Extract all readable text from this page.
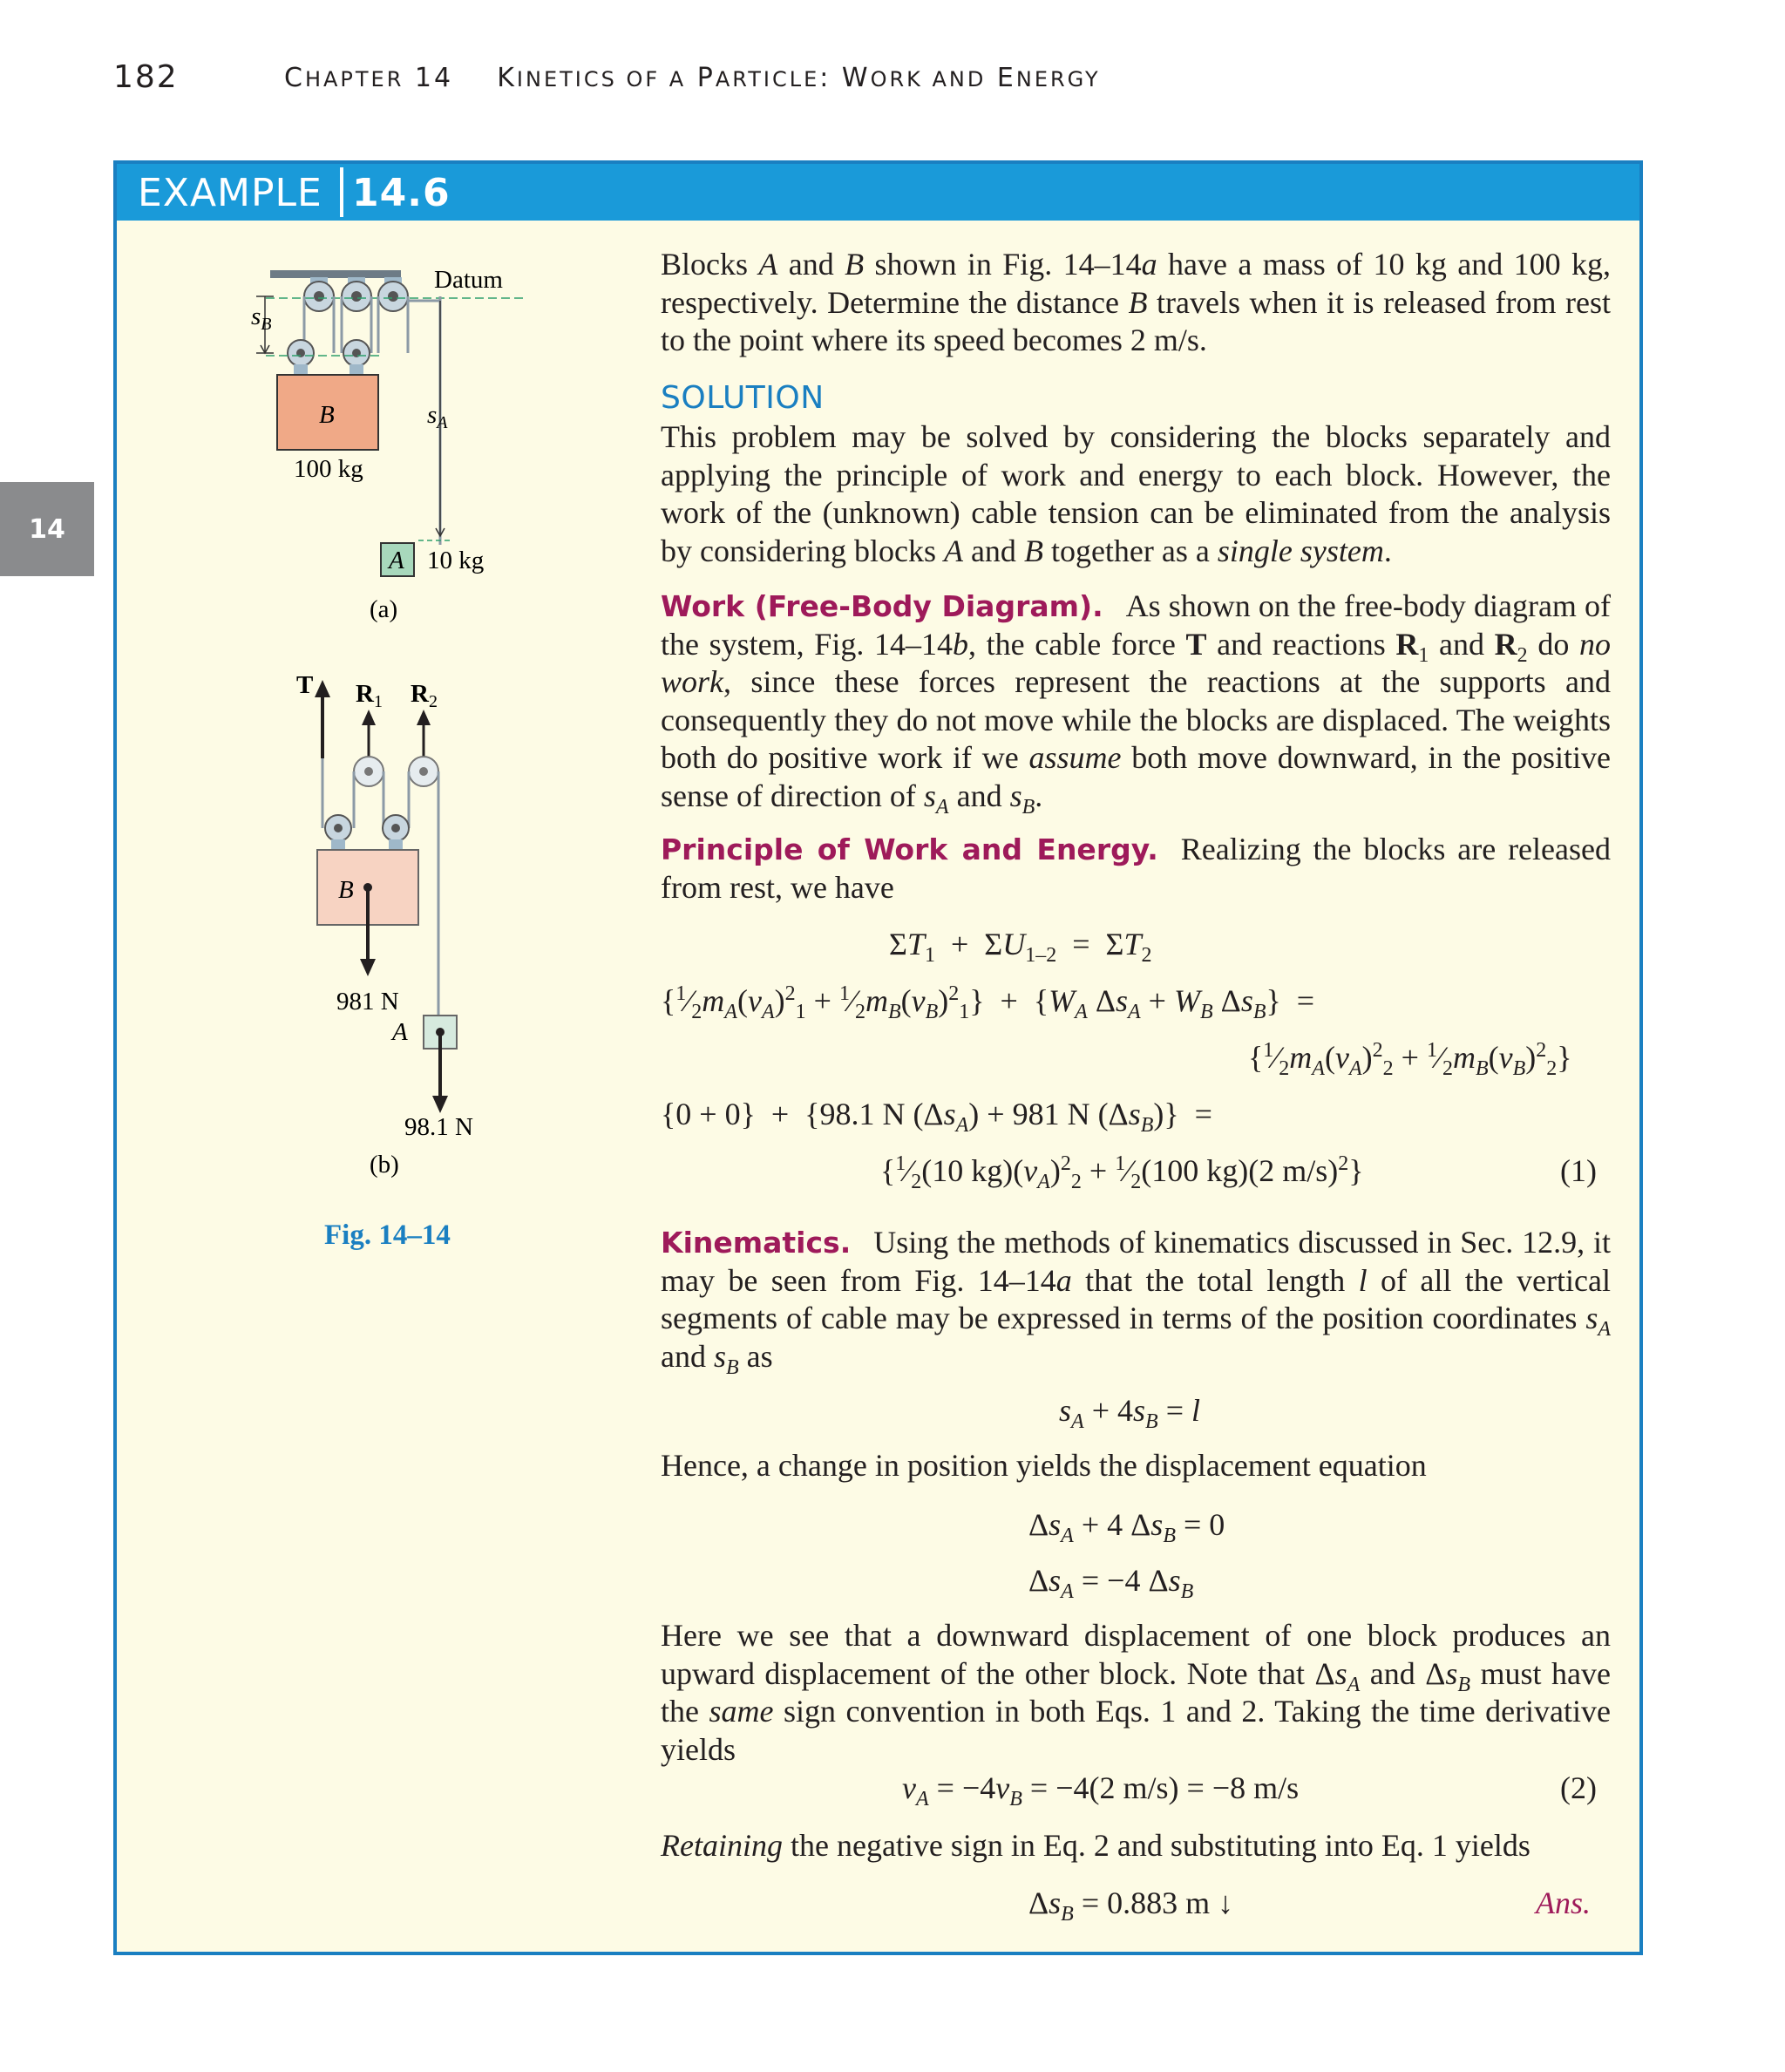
182	CHAPTER 14    KINETICS OF A PARTICLE: WORK AND ENERGY
14
EXAMPLE 14.6
Datum
B
100 kg
$s_B$
$s_A$
A 10 kg
(a)
T $R_1$ $R_2$
B
981 N
A
98.1 N
(b)
Fig. 14–14
Blocks A and B shown in Fig. 14–14a have a mass of 10 kg and 100 kg, respectively. Determine the distance B travels when it is released from rest to the point where its speed becomes 2 m/s.
SOLUTION
This problem may be solved by considering the blocks separately and applying the principle of work and energy to each block. However, the work of the (unknown) cable tension can be eliminated from the analysis by considering blocks A and B together as a single system.
Work (Free-Body Diagram). As shown on the free-body diagram of the system, Fig. 14–14b, the cable force T and reactions $R_1$ and $R_2$ do no work, since these forces represent the reactions at the supports and consequently they do not move while the blocks are displaced. The weights both do positive work if we assume both move downward, in the positive sense of direction of $s_A$ and $s_B$.
Principle of Work and Energy. Realizing the blocks are released from rest, we have
$\Sigma T_1 + \Sigma U_{1-2} = \Sigma T_2$
{$^1⁄_2m_A(v_A)^2_1$ + $^1⁄_2m_B(v_B)^2_1\} + \{W_A$ $\Delta s_A + W_B$ $\Delta s_B$}  =
{$^1⁄_2m_A(v_A)^2_2$ + $^1⁄_2m_B(v_B)^2_2$}
{0 + 0}  +  {98.1 N $(\Delta s_A) + 981$ N $(\Delta s_B)$}  =
{$^1⁄_2(10$ $kg)(v_A)^2_2$ + $^1⁄_2(100$ kg)(2 m/s)$^2$}	(1)
Kinematics. Using the methods of kinematics discussed in Sec. 12.9, it may be seen from Fig. 14–14a that the total length l of all the vertical segments of cable may be expressed in terms of the position coordinates $s_A$ and $s_B$ as
$s_A + 4s_B = l$
Hence, a change in position yields the displacement equation
$\Delta s_A + 4$ $\Delta s_B = 0$
$\Delta s_A = -4$ $\Delta s_B$
Here we see that a downward displacement of one block produces an upward displacement of the other block. Note that $\Delta s_A$ and $\Delta s_B$ must have the same sign convention in both Eqs. 1 and 2. Taking the time derivative yields
$v_A = -4v_B = -4(2$ m/s) = −8 m/s	(2)
Retaining the negative sign in Eq. 2 and substituting into Eq. 1 yields
$\Delta s_B = 0.883$ m ↓	Ans.
